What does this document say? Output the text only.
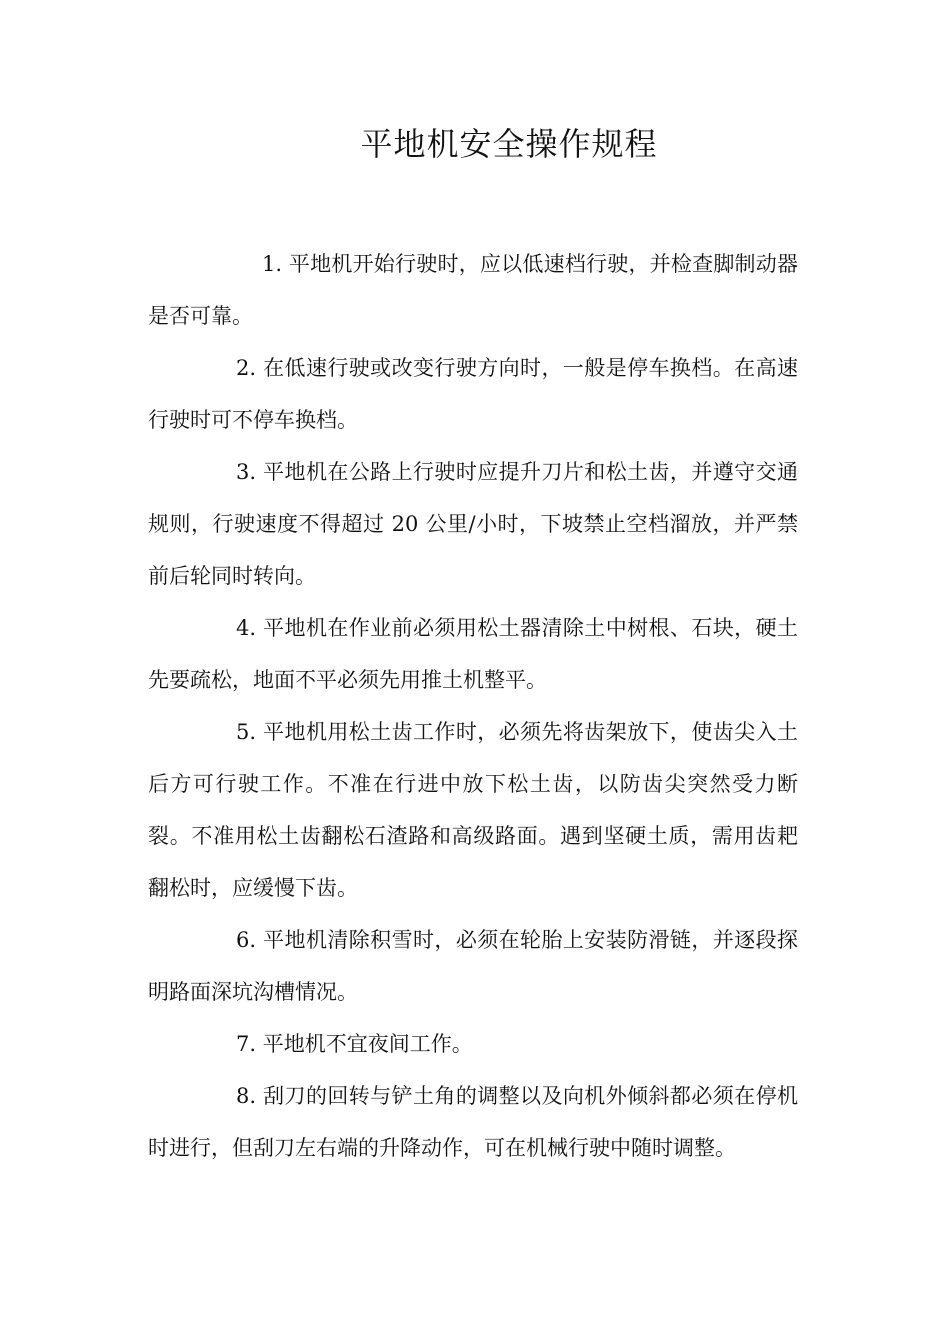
平地机安全操作规程

1. 平地机开始行驶时，应以低速档行驶，并检查脚制动器是否可靠。

2. 在低速行驶或改变行驶方向时，一般是停车换档。在高速行驶时可不停车换档。

3. 平地机在公路上行驶时应提升刀片和松土齿，并遵守交通规则，行驶速度不得超过 20 公里/小时，下坡禁止空档溜放，并严禁前后轮同时转向。

4. 平地机在作业前必须用松土器清除土中树根、石块，硬土先要疏松，地面不平必须先用推土机整平。

5. 平地机用松土齿工作时，必须先将齿架放下，使齿尖入土后方可行驶工作。不准在行进中放下松土齿，以防齿尖突然受力断裂。不准用松土齿翻松石渣路和高级路面。遇到坚硬土质，需用齿耙翻松时，应缓慢下齿。

6. 平地机清除积雪时，必须在轮胎上安装防滑链，并逐段探明路面深坑沟槽情况。

7. 平地机不宜夜间工作。

8. 刮刀的回转与铲土角的调整以及向机外倾斜都必须在停机时进行，但刮刀左右端的升降动作，可在机械行驶中随时调整。
